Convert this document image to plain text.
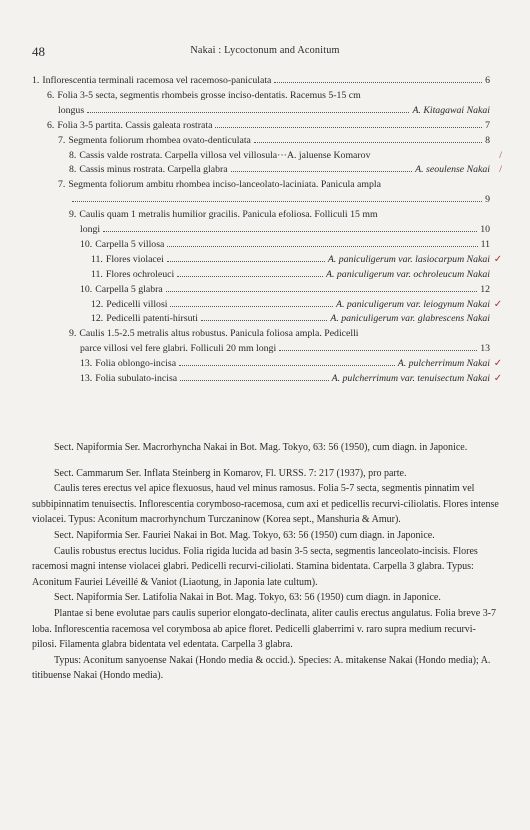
48	Nakai : Lycoctonum and Aconitum
1. Inflorescentia terminali racemosa vel racemoso-paniculata	6
6. Folia 3-5 secta, segmentis rhombeis grosse inciso-dentatis. Racemus 5-15 cm
longus	A. Kitagawai Nakai
6. Folia 3-5 partita. Cassis galeata rostrata	7
7. Segmenta foliorum rhombea ovato-denticulata	8
8. Cassis valde rostrata. Carpella villosa vel villosula···A. jaluense Komarov	/
8. Cassis minus rostrata. Carpella glabra	A. seoulense Nakai /
7. Segmenta foliorum ambitu rhombea inciso-lanceolato-laciniata. Panicula ampla
9
9. Caulis quam 1 metralis humilior gracilis. Panicula efoliosa. Folliculi 15 mm
longi	10
10. Carpella 5 villosa	11
11. Flores violacei	A. paniculigerum var. lasiocarpum Nakai ✓
11. Flores ochroleuci	A. paniculigerum var. ochroleucum Nakai
10. Carpella 5 glabra	12
12. Pedicelli villosi	A. paniculigerum var. leiogynum Nakai ✓
12. Pedicelli patenti-hirsuti	A. paniculigerum var. glabrescens Nakai
9. Caulis 1.5-2.5 metralis altus robustus. Panicula foliosa ampla. Pedicelli
parce villosi vel fere glabri. Folliculi 20 mm longi	13
13. Folia oblongo-incisa	A. pulcherrimum Nakai ✓
13. Folia subulato-incisa	A. pulcherrimum var. tenuisectum Nakai ✓

Sect. Napiformia Ser. Macrorhyncha Nakai in Bot. Mag. Tokyo, 63: 56 (1950), cum diagn. in Japonice.

Sect. Cammarum Ser. Inflata Steinberg in Komarov, Fl. URSS. 7: 217 (1937), pro parte.

Caulis teres erectus vel apice flexuosus, haud vel minus ramosus. Folia 5-7 secta, segmentis pinnatim vel subbipinnatim tenuisectis. Inflorescentia corymboso-racemosa, cum axi et pedicellis recurvi-ciliolatis. Flores intense violacei. Typus: Aconitum macrorhynchum Turczaninow (Korea sept., Manshuria & Amur).

Sect. Napiformia Ser. Fauriei Nakai in Bot. Mag. Tokyo, 63: 56 (1950) cum diagn. in Japonice.

Caulis robustus erectus lucidus. Folia rigida lucida ad basin 3-5 secta, segmentis lanceolato-incisis. Flores racemosi magni intense violacei glabri. Pedicelli recurvi-ciliolati. Stamina bidentata. Carpella 3 glabra. Typus: Aconitum Fauriei Léveillé & Vaniot (Liaotung, in Japonia late cultum).

Sect. Napiformia Ser. Latifolia Nakai in Bot. Mag. Tokyo, 63: 56 (1950) cum diagn. in Japonice.

Plantae si bene evolutae pars caulis superior elongato-declinata, aliter caulis erectus angulatus. Folia breve 3-7 loba. Inflorescentia racemosa vel corymbosa ab apice floret. Pedicelli glaberrimi v. raro supra medium recurvi-pilosi. Filamenta glabra bidentata vel edentata. Carpella 3 glabra.

Typus: Aconitum sanyoense Nakai (Hondo media & occid.). Species: A. mitakense Nakai (Hondo media); A. titibuense Nakai (Hondo media).
